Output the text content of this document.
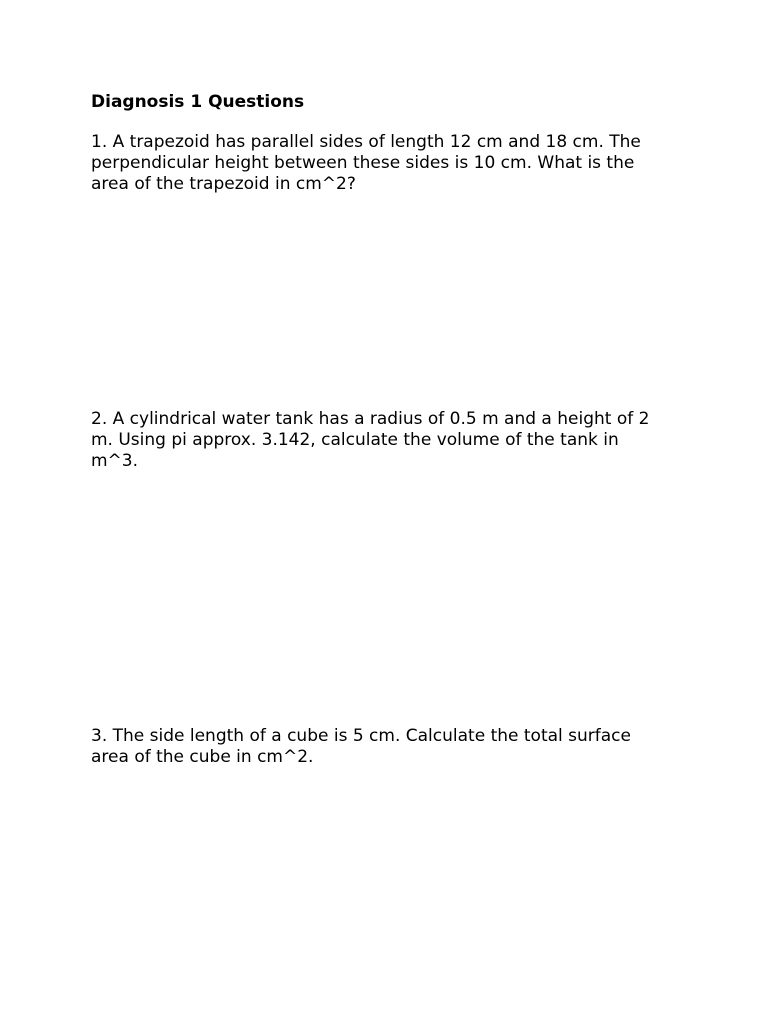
Diagnosis 1 Questions

1. A trapezoid has parallel sides of length 12 cm and 18 cm. The
perpendicular height between these sides is 10 cm. What is the
area of the trapezoid in cm^2?

2. A cylindrical water tank has a radius of 0.5 m and a height of 2
m. Using pi approx. 3.142, calculate the volume of the tank in
m^3.

3. The side length of a cube is 5 cm. Calculate the total surface
area of the cube in cm^2.
